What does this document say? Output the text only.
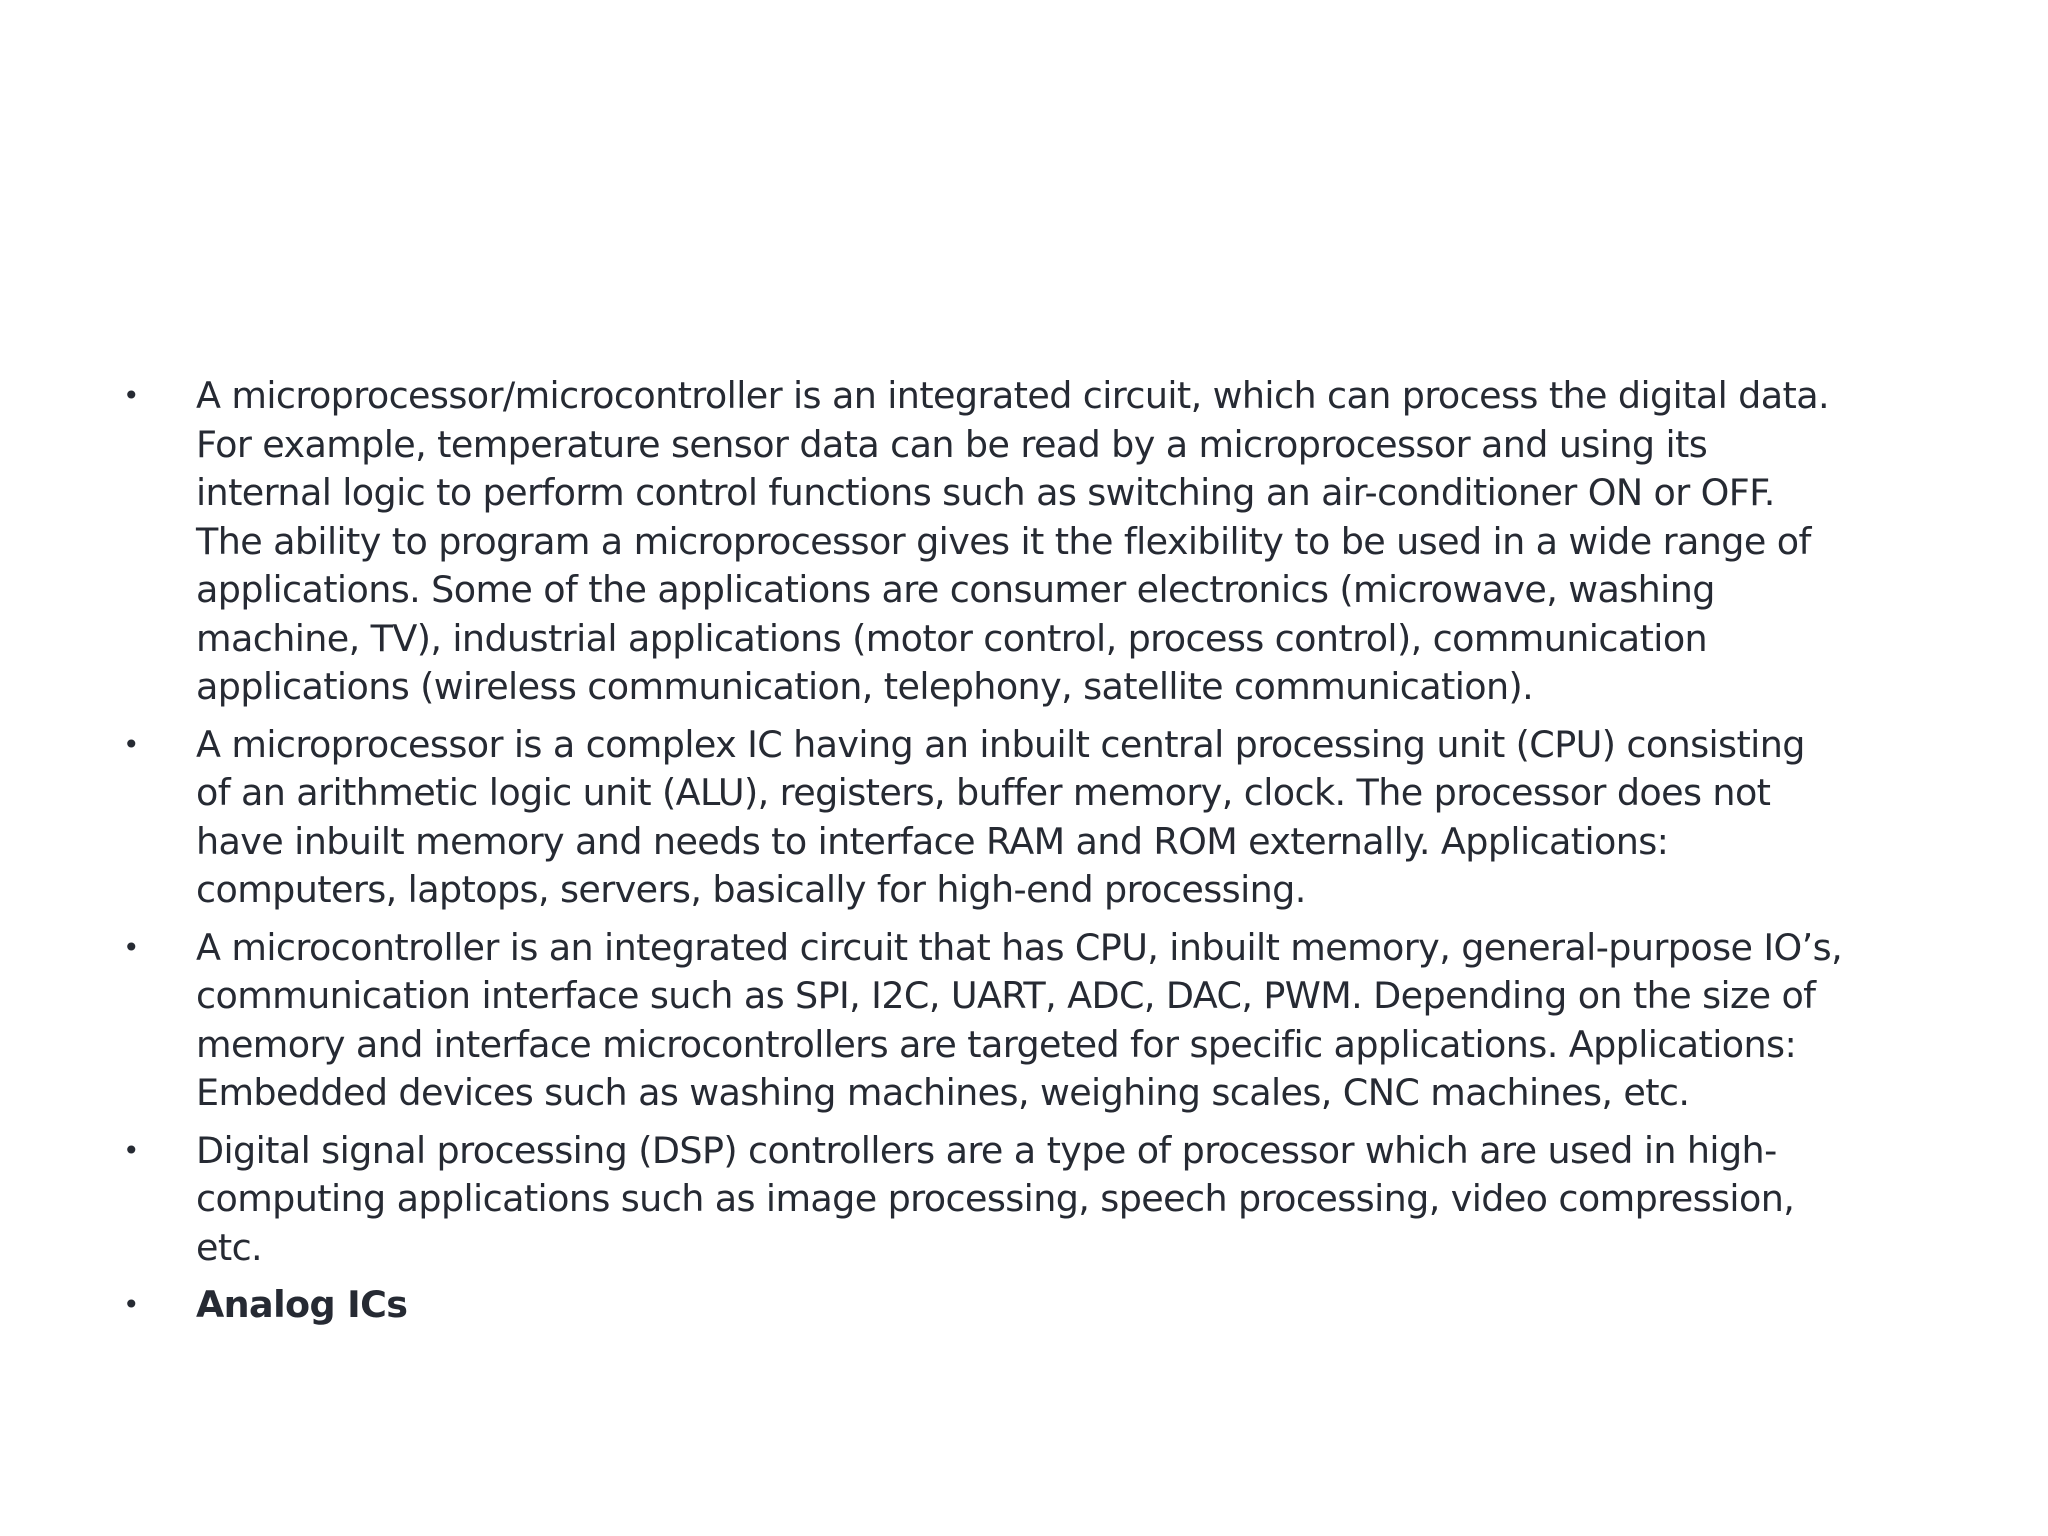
• A microprocessor/microcontroller is an integrated circuit, which can process the digital data.
For example, temperature sensor data can be read by a microprocessor and using its
internal logic to perform control functions such as switching an air-conditioner ON or OFF.
The ability to program a microprocessor gives it the flexibility to be used in a wide range of
applications. Some of the applications are consumer electronics (microwave, washing
machine, TV), industrial applications (motor control, process control), communication
applications (wireless communication, telephony, satellite communication).
• A microprocessor is a complex IC having an inbuilt central processing unit (CPU) consisting
of an arithmetic logic unit (ALU), registers, buffer memory, clock. The processor does not
have inbuilt memory and needs to interface RAM and ROM externally. Applications:
computers, laptops, servers, basically for high-end processing.
• A microcontroller is an integrated circuit that has CPU, inbuilt memory, general-purpose IO’s,
communication interface such as SPI, I2C, UART, ADC, DAC, PWM. Depending on the size of
memory and interface microcontrollers are targeted for specific applications. Applications:
Embedded devices such as washing machines, weighing scales, CNC machines, etc.
• Digital signal processing (DSP) controllers are a type of processor which are used in high-
computing applications such as image processing, speech processing, video compression,
etc.
• Analog ICs
